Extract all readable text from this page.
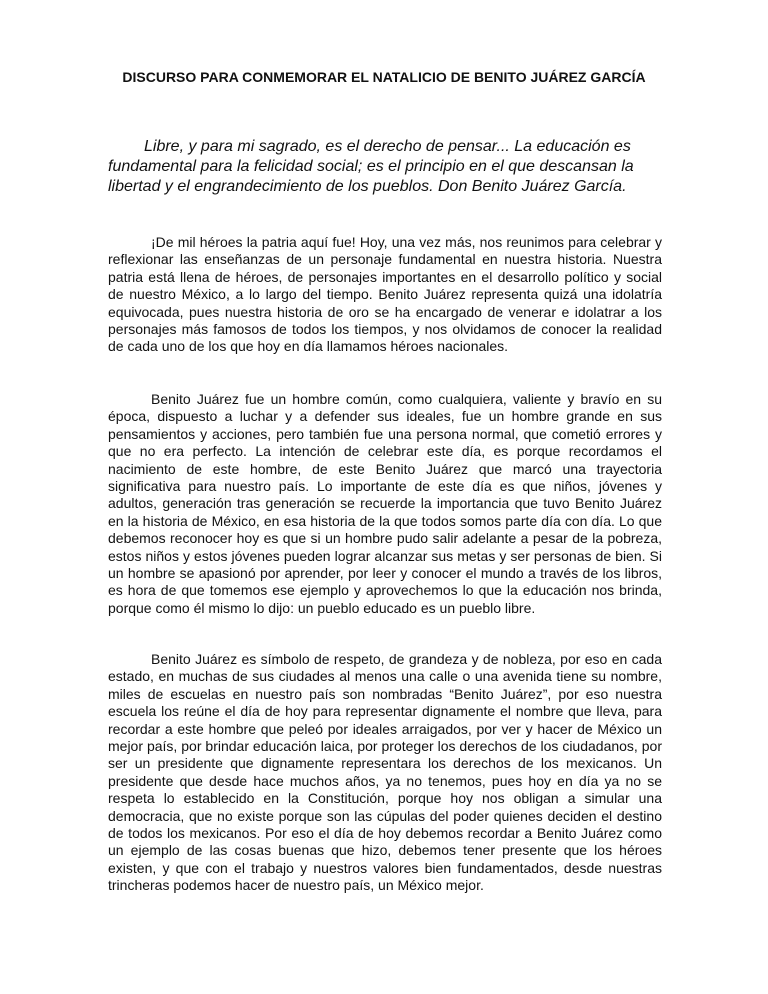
DISCURSO PARA CONMEMORAR EL NATALICIO DE BENITO JUÁREZ GARCÍA

Libre, y para mi sagrado, es el derecho de pensar... La educación es fundamental para la felicidad social; es el principio en el que descansan la libertad y el engrandecimiento de los pueblos. Don Benito Juárez García.

¡De mil héroes la patria aquí fue! Hoy, una vez más, nos reunimos para celebrar y reflexionar las enseñanzas de un personaje fundamental en nuestra historia. Nuestra patria está llena de héroes, de personajes importantes en el desarrollo político y social de nuestro México, a lo largo del tiempo. Benito Juárez representa quizá una idolatría equivocada, pues nuestra historia de oro se ha encargado de venerar e idolatrar a los personajes más famosos de todos los tiempos, y nos olvidamos de conocer la realidad de cada uno de los que hoy en día llamamos héroes nacionales.

Benito Juárez fue un hombre común, como cualquiera, valiente y bravío en su época, dispuesto a luchar y a defender sus ideales, fue un hombre grande en sus pensamientos y acciones, pero también fue una persona normal, que cometió errores y que no era perfecto. La intención de celebrar este día, es porque recordamos el nacimiento de este hombre, de este Benito Juárez que marcó una trayectoria significativa para nuestro país. Lo importante de este día es que niños, jóvenes y adultos, generación tras generación se recuerde la importancia que tuvo Benito Juárez en la historia de México, en esa historia de la que todos somos parte día con día. Lo que debemos reconocer hoy es que si un hombre pudo salir adelante a pesar de la pobreza, estos niños y estos jóvenes pueden lograr alcanzar sus metas y ser personas de bien. Si un hombre se apasionó por aprender, por leer y conocer el mundo a través de los libros, es hora de que tomemos ese ejemplo y aprovechemos lo que la educación nos brinda, porque como él mismo lo dijo: un pueblo educado es un pueblo libre.

Benito Juárez es símbolo de respeto, de grandeza y de nobleza, por eso en cada estado, en muchas de sus ciudades al menos una calle o una avenida tiene su nombre, miles de escuelas en nuestro país son nombradas “Benito Juárez”, por eso nuestra escuela los reúne el día de hoy para representar dignamente el nombre que lleva, para recordar a este hombre que peleó por ideales arraigados, por ver y hacer de México un mejor país, por brindar educación laica, por proteger los derechos de los ciudadanos, por ser un presidente que dignamente representara los derechos de los mexicanos. Un presidente que desde hace muchos años, ya no tenemos, pues hoy en día ya no se respeta lo establecido en la Constitución, porque hoy nos obligan a simular una democracia, que no existe porque son las cúpulas del poder quienes deciden el destino de todos los mexicanos. Por eso el día de hoy debemos recordar a Benito Juárez como un ejemplo de las cosas buenas que hizo, debemos tener presente que los héroes existen, y que con el trabajo y nuestros valores bien fundamentados, desde nuestras trincheras podemos hacer de nuestro país, un México mejor.
